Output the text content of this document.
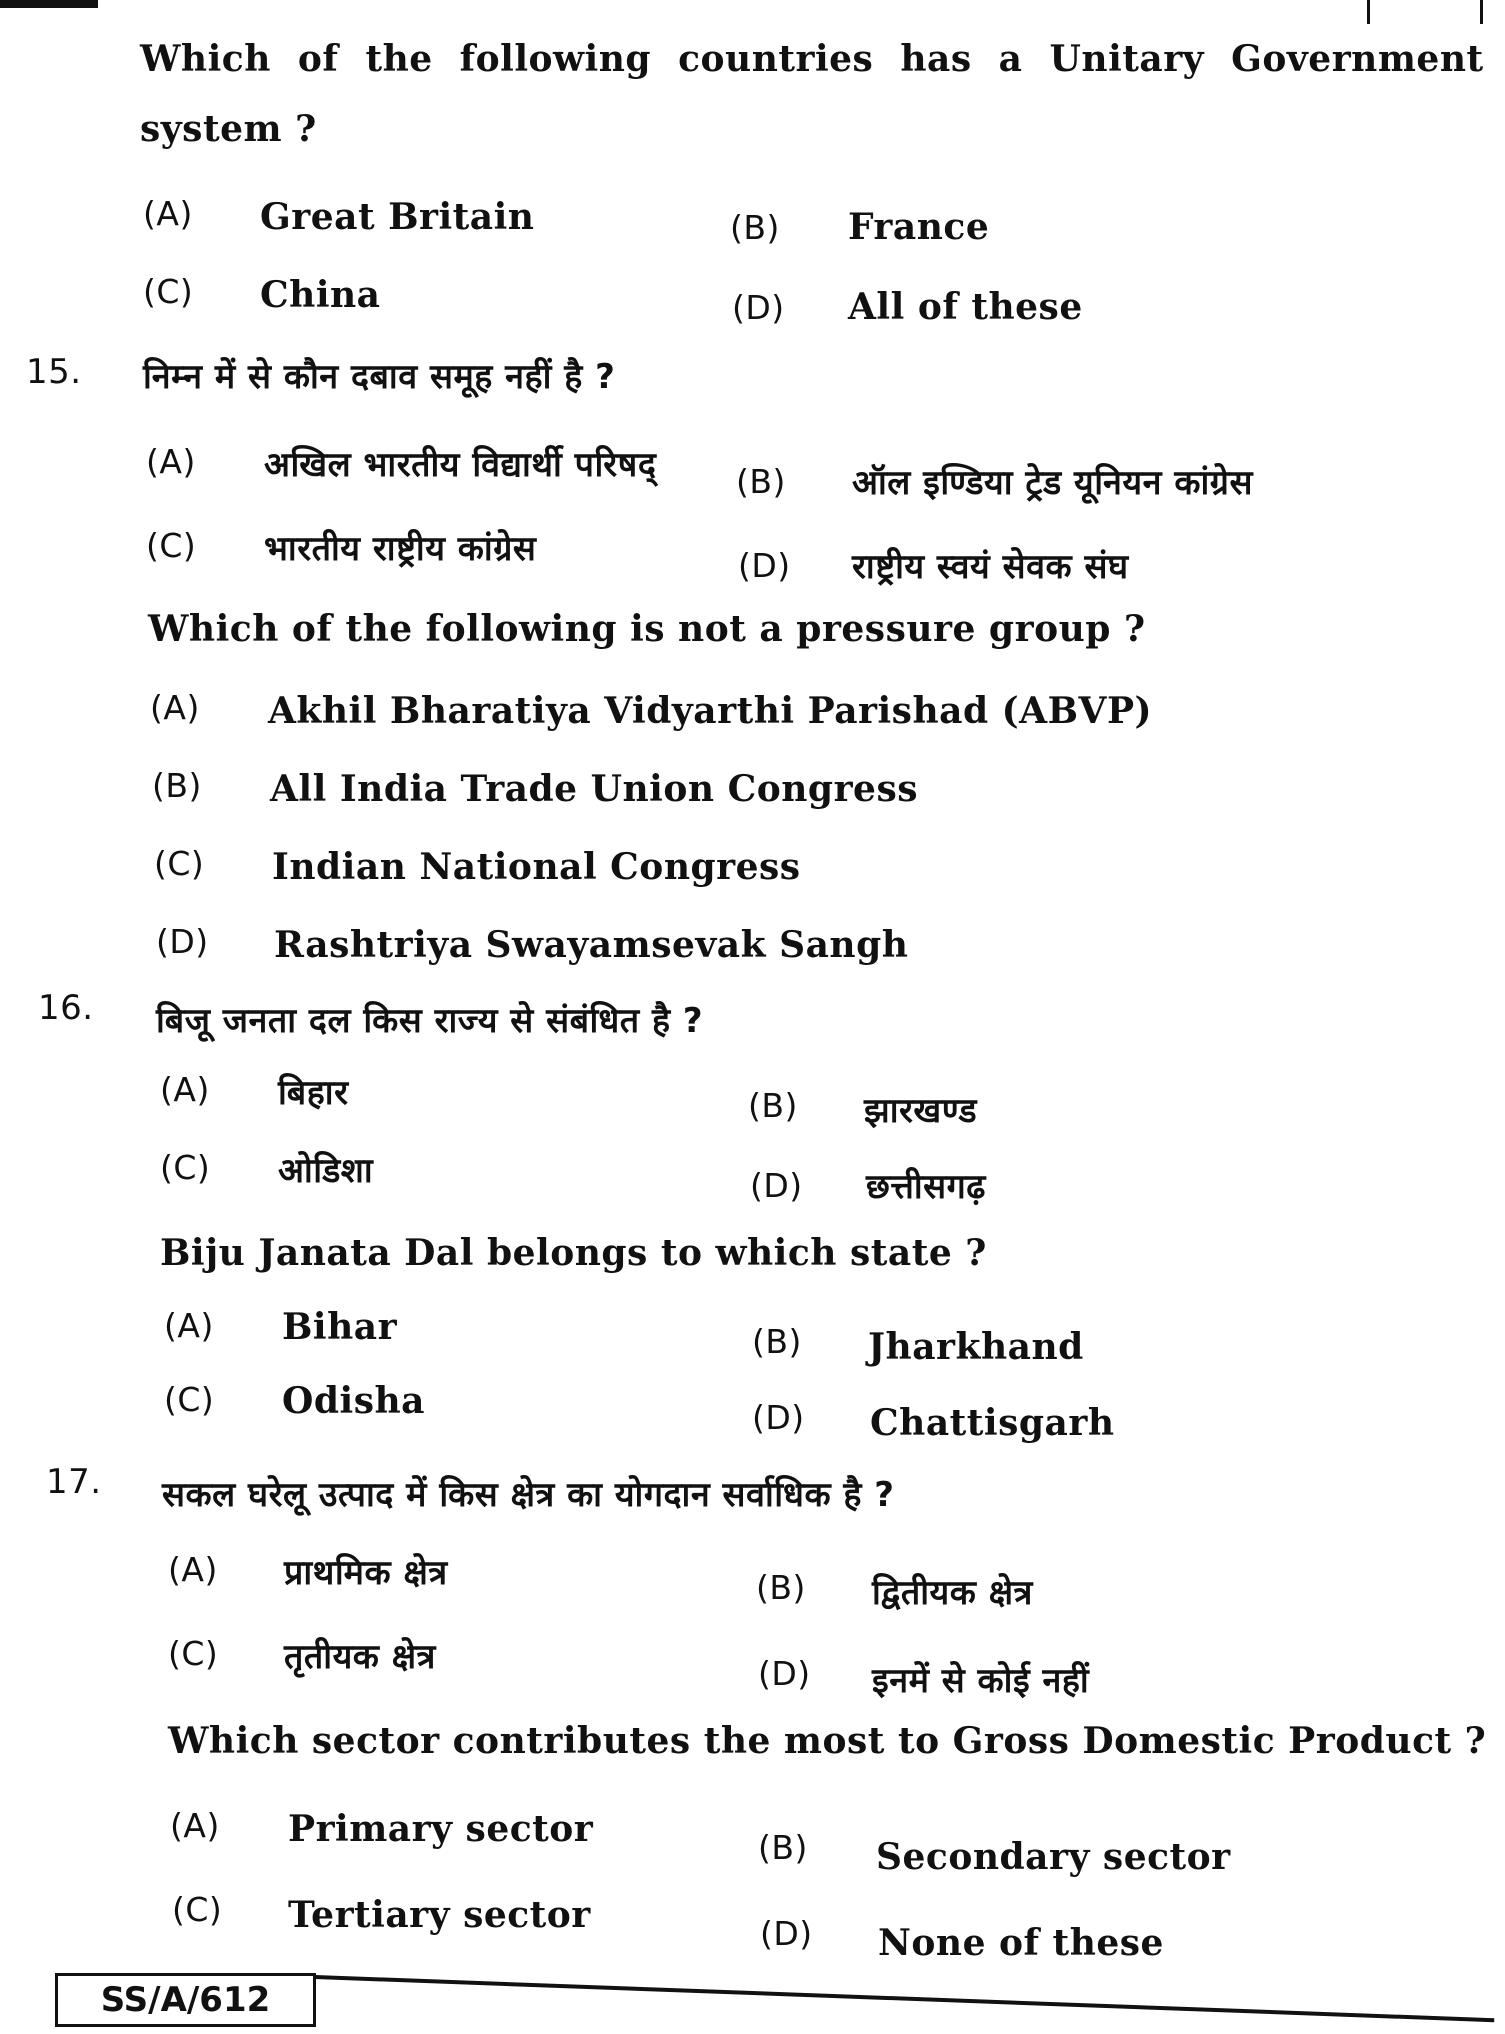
Which of the following countries has a Unitary Government
system ?
(A) Great Britain	(B) France
(C) China	(D) All of these
15. निम्न में से कौन दबाव समूह नहीं है ?
(A) अखिल भारतीय विद्यार्थी परिषद् (B) ऑल इण्डिया ट्रेड यूनियन कांग्रेस
(C) भारतीय राष्ट्रीय कांग्रेस	(D) राष्ट्रीय स्वयं सेवक संघ
Which of the following is not a pressure group ?
(A) Akhil Bharatiya Vidyarthi Parishad (ABVP)
(B) All India Trade Union Congress
(C) Indian National Congress
(D) Rashtriya Swayamsevak Sangh
16. बिजू जनता दल किस राज्य से संबंधित है ?
(A) बिहार	(B) झारखण्ड
(C) ओडिशा	(D) छत्तीसगढ़
Biju Janata Dal belongs to which state ?
(A) Bihar	(B) Jharkhand
(C) Odisha	(D) Chattisgarh
17. सकल घरेलू उत्पाद में किस क्षेत्र का योगदान सर्वाधिक है ?
(A) प्राथमिक क्षेत्र	(B) द्वितीयक क्षेत्र
(C) तृतीयक क्षेत्र	(D) इनमें से कोई नहीं
Which sector contributes the most to Gross Domestic Product ?
(A) Primary sector	(B) Secondary sector
(C) Tertiary sector	(D) None of these
SS/A/612
